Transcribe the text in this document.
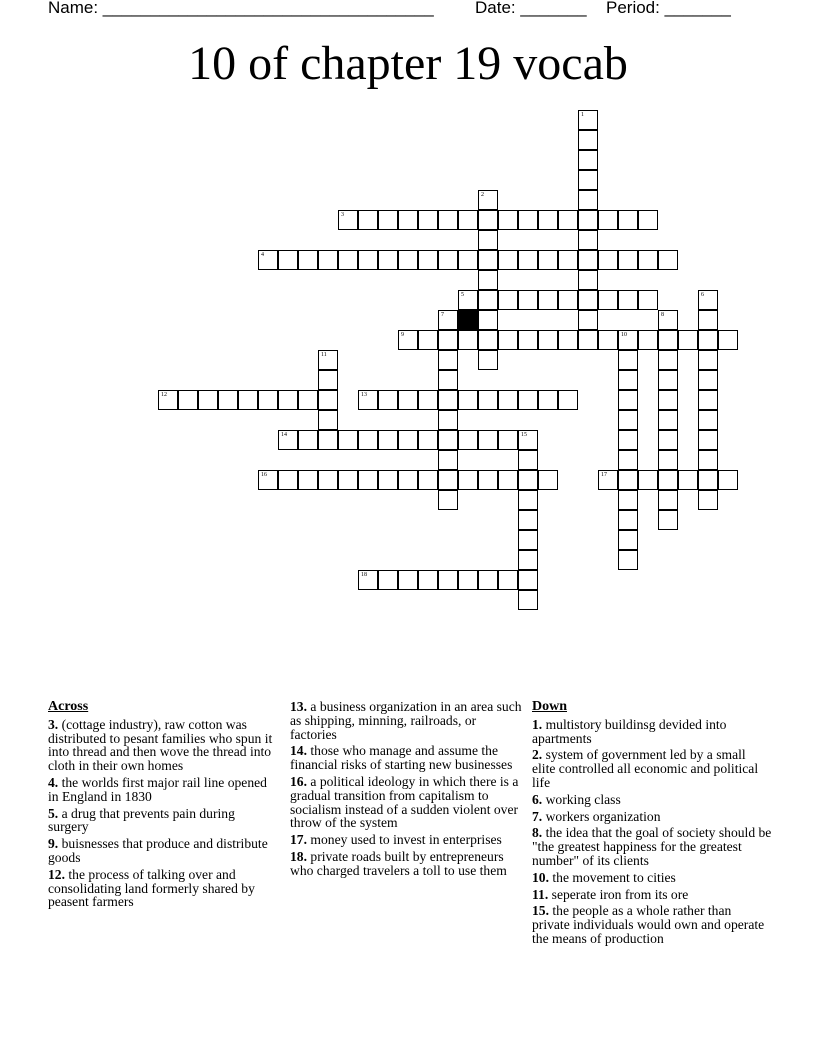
Name: ___________________________________ Date: _______ Period: _______
10 of chapter 19 vocab
1
2
3
4
5	6
7	8
9	10
11
12	13
14	15
16	17
18
Across
3. (cottage industry), raw cotton was distributed to pesant families who spun it into thread and then wove the thread into cloth in their own homes
4. the worlds first major rail line opened in England in 1830
5. a drug that prevents pain during surgery
9. buisnesses that produce and distribute goods
12. the process of talking over and consolidating land formerly shared by peasent farmers
13. a business organization in an area such as shipping, minning, railroads, or factories
14. those who manage and assume the financial risks of starting new businesses
16. a political ideology in which there is a gradual transition from capitalism to socialism instead of a sudden violent over throw of the system
17. money used to invest in enterprises
18. private roads built by entrepreneurs who charged travelers a toll to use them
Down
1. multistory buildinsg devided into apartments
2. system of government led by a small elite controlled all economic and political life
6. working class
7. workers organization
8. the idea that the goal of society should be "the greatest happiness for the greatest number" of its clients
10. the movement to cities
11. seperate iron from its ore
15. the people as a whole rather than private individuals would own and operate the means of production
